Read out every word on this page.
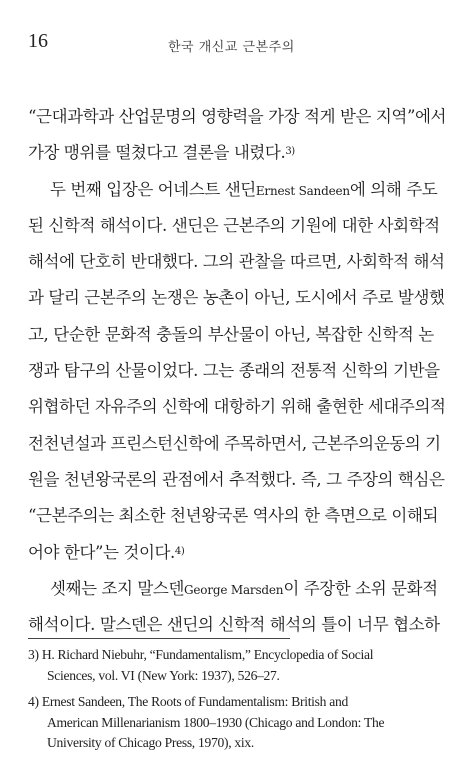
16	한국 개신교 근본주의
“근대과학과 산업문명의 영향력을 가장 적게 받은 지역”에서
가장 맹위를 떨쳤다고 결론을 내렸다.$^{3)}$
두 번째 입장은 어네스트 샌딘Ernest Sandeen에 의해 주도
된 신학적 해석이다. 샌딘은 근본주의 기원에 대한 사회학적
해석에 단호히 반대했다. 그의 관찰을 따르면, 사회학적 해석
과 달리 근본주의 논쟁은 농촌이 아닌, 도시에서 주로 발생했
고, 단순한 문화적 충돌의 부산물이 아닌, 복잡한 신학적 논
쟁과 탐구의 산물이었다. 그는 종래의 전통적 신학의 기반을
위협하던 자유주의 신학에 대항하기 위해 출현한 세대주의적
전천년설과 프린스턴신학에 주목하면서, 근본주의운동의 기
원을 천년왕국론의 관점에서 추적했다. 즉, 그 주장의 핵심은
“근본주의는 최소한 천년왕국론 역사의 한 측면으로 이해되
어야 한다”는 것이다.$^{4)}$
셋째는 조지 말스덴George Marsden이 주장한 소위 문화적
해석이다. 말스덴은 샌딘의 신학적 해석의 틀이 너무 협소하
3) H. Richard Niebuhr, “Fundamentalism,” Encyclopedia of Social
Sciences, vol. VI (New York: 1937), 526–27.
4) Ernest Sandeen, The Roots of Fundamentalism: British and
American Millenarianism 1800–1930 (Chicago and London: The
University of Chicago Press, 1970), xix.
